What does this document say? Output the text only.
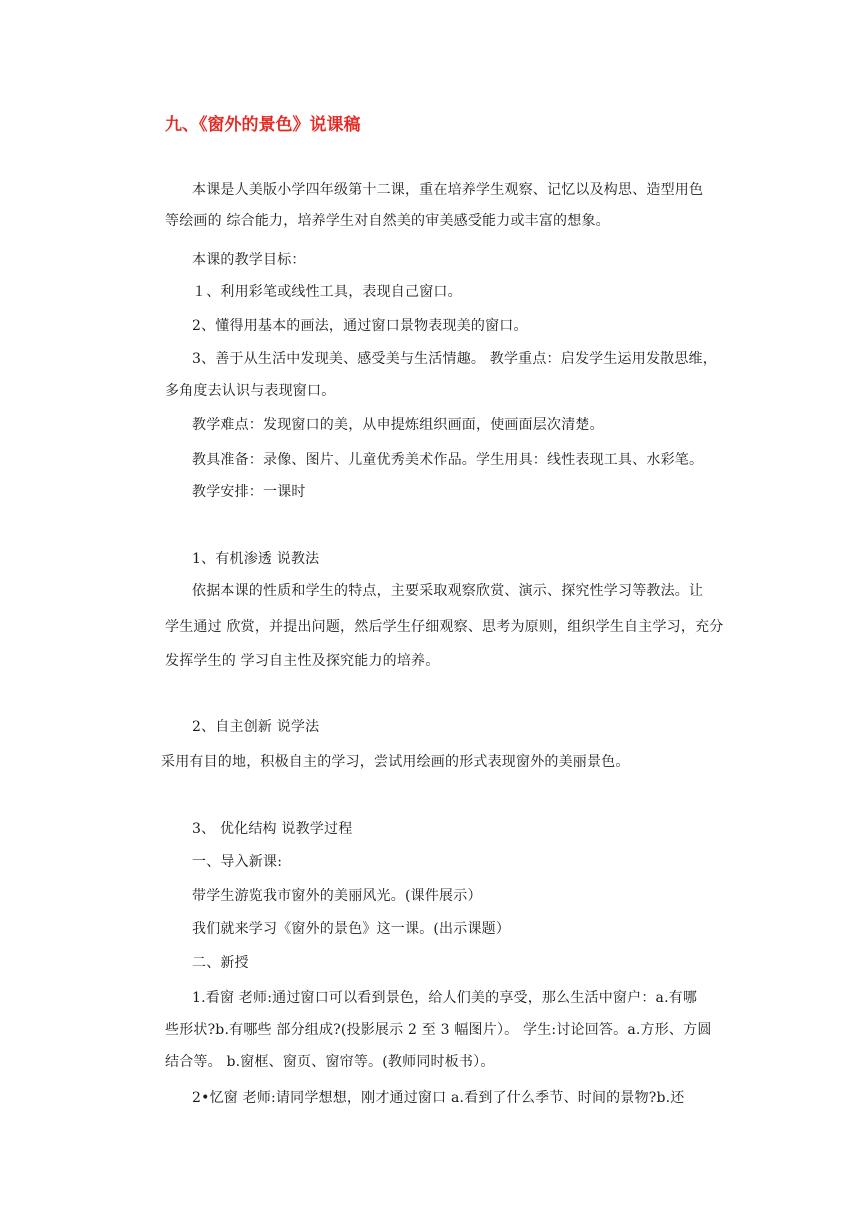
九、《窗外的景色》说课稿
本课是人美版小学四年级第十二课，重在培养学生观察、记忆以及构思、造型用色
等绘画的 综合能力，培养学生对自然美的审美感受能力或丰富的想象。
本课的教学目标：
１、利用彩笔或线性工具，表现自己窗口。
2、懂得用基本的画法，通过窗口景物表现美的窗口。
3、善于从生活中发现美、感受美与生活情趣。 教学重点：启发学生运用发散思维，
多角度去认识与表现窗口。
教学难点：发现窗口的美，从申提炼组织画面，使画面层次清楚。
教具准备：录像、图片、儿童优秀美术作品。学生用具：线性表现工具、水彩笔。
教学安排：一课时
1、有机渗透 说教法
依据本课的性质和学生的特点，主要采取观察欣赏、演示、探究性学习等教法。让
学生通过 欣赏，并提出问题，然后学生仔细观察、思考为原则，组织学生自主学习，充分
发挥学生的 学习自主性及探究能力的培养。
2、自主创新 说学法
采用有目的地，积极自主的学习，尝试用绘画的形式表现窗外的美丽景色。
3、 优化结构 说教学过程
一、导入新课:
带学生游览我市窗外的美丽风光。(课件展示）
我们就来学习《窗外的景色》这一课。(出示课题）
二、新授
1.看窗 老师:通过窗口可以看到景色，给人们美的享受，那么生活中窗户：a.有哪
些形状?b.有哪些 部分组成?(投影展示 2 至 3 幅图片）。 学生:讨论回答。a.方形、方圆
结合等。 b.窗框、窗页、窗帘等。(教师同时板书）。
2•忆窗 老师:请同学想想，刚才通过窗口 a.看到了什么季节、时间的景物?b.还
